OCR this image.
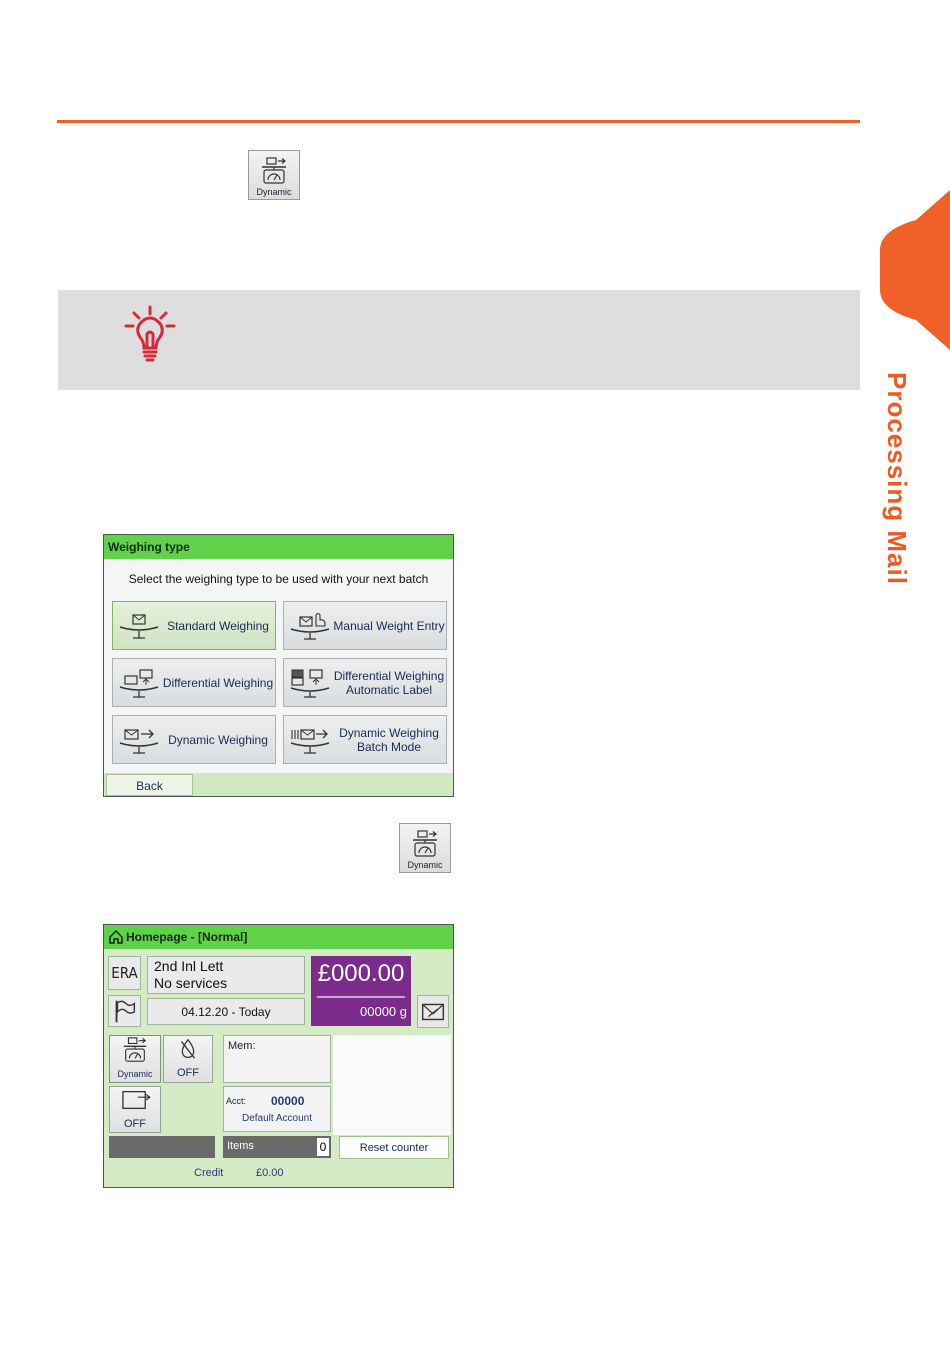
Processing Mail
Dynamic
Weighing type
Select the weighing type to be used with your next batch
Standard Weighing	Manual Weight Entry
Differential Weighing	Differential Weighing Automatic Label
Dynamic Weighing	Dynamic Weighing Batch Mode
Back
Dynamic
Homepage - [Normal]
ERA 2nd Inl Lett
No services
04.12.20 - Today
£000.00
00000 g
Dynamic	OFF
OFF
Mem:
Acct: 00000
Default Account
Items	0	Reset counter
Credit	£0.00
